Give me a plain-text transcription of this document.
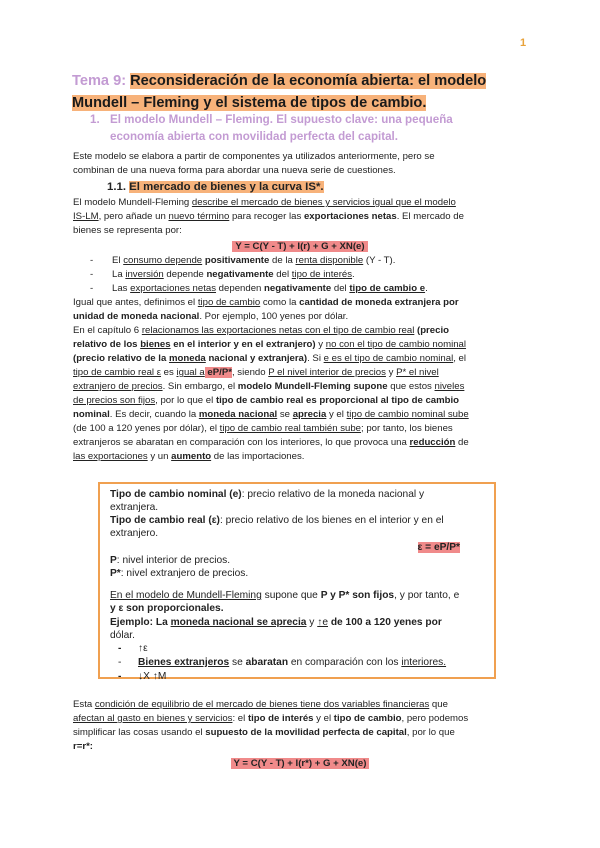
1
Tema 9: Reconsideración de la economía abierta: el modelo Mundell – Fleming y el sistema de tipos de cambio.
1. El modelo Mundell – Fleming. El supuesto clave: una pequeña
economía abierta con movilidad perfecta del capital.
Este modelo se elabora a partir de componentes ya utilizados anteriormente, pero se
combinan de una nueva forma para abordar una nueva serie de cuestiones.
1.1. El mercado de bienes y la curva IS*.
El modelo Mundell-Fleming describe el mercado de bienes y servicios igual que el modelo
IS-LM, pero añade un nuevo término para recoger las exportaciones netas. El mercado de
bienes se representa por:
Y = C(Y - T) + I(r) + G + XN(e)
- El consumo depende positivamente de la renta disponible (Y - T).
- La inversión depende negativamente del tipo de interés.
- Las exportaciones netas dependen negativamente del tipo de cambio e.
Igual que antes, definimos el tipo de cambio como la cantidad de moneda extranjera por
unidad de moneda nacional. Por ejemplo, 100 yenes por dólar.
En el capítulo 6 relacionamos las exportaciones netas con el tipo de cambio real (precio
relativo de los bienes en el interior y en el extranjero) y no con el tipo de cambio nominal
(precio relativo de la moneda nacional y extranjera). Si e es el tipo de cambio nominal, el
tipo de cambio real ε es igual a eP/P*, siendo P el nivel interior de precios y P* el nivel
extranjero de precios. Sin embargo, el modelo Mundell-Fleming supone que estos niveles
de precios son fijos, por lo que el tipo de cambio real es proporcional al tipo de cambio
nominal. Es decir, cuando la moneda nacional se aprecia y el tipo de cambio nominal sube
(de 100 a 120 yenes por dólar), el tipo de cambio real también sube; por tanto, los bienes
extranjeros se abaratan en comparación con los interiores, lo que provoca una reducción de
las exportaciones y un aumento de las importaciones.
Tipo de cambio nominal (e): precio relativo de la moneda nacional y
extranjera.
Tipo de cambio real (ε): precio relativo de los bienes en el interior y en el
extranjero.
ε = eP/P*
P: nivel interior de precios.
P*: nivel extranjero de precios.
En el modelo de Mundell-Fleming supone que P y P* son fijos, y por tanto, e
y ε son proporcionales.
Ejemplo: La moneda nacional se aprecia y ↑e de 100 a 120 yenes por
dólar.
- ↑ε
- Bienes extranjeros se abaratan en comparación con los interiores.
- ↓X ↑M
Esta condición de equilibrio de el mercado de bienes tiene dos variables financieras que
afectan al gasto en bienes y servicios: el tipo de interés y el tipo de cambio, pero podemos
simplificar las cosas usando el supuesto de la movilidad perfecta de capital, por lo que
r=r*:
Y = C(Y - T) + I(r*) + G + XN(e)
